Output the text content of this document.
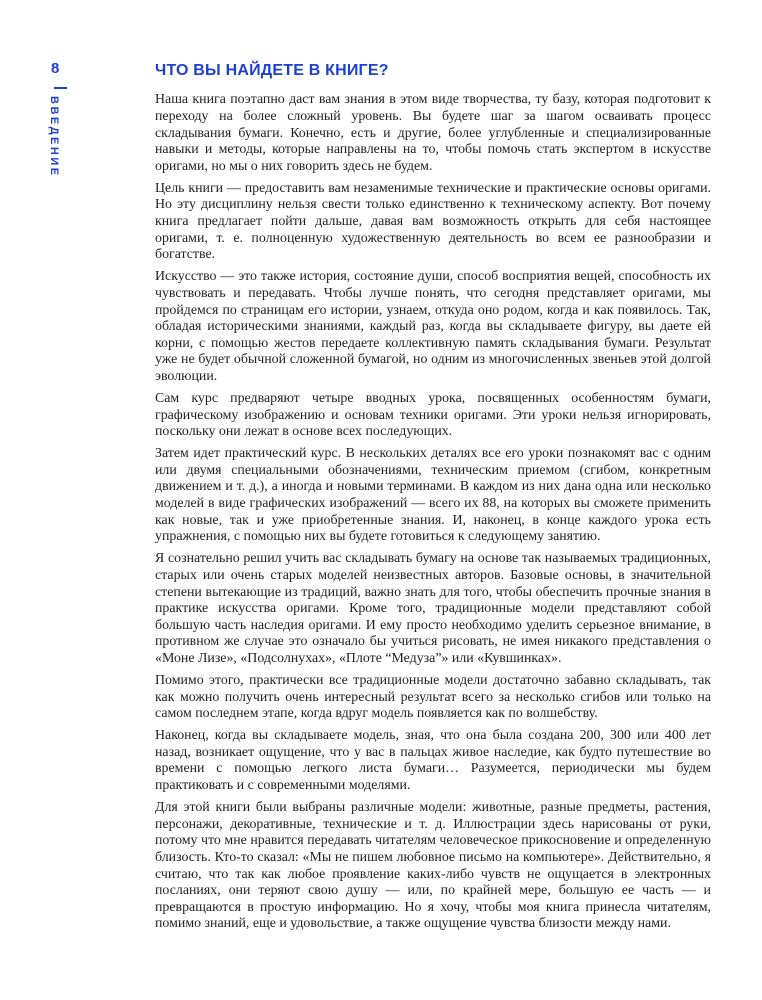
8
ВВЕДЕНИЕ
ЧТО ВЫ НАЙДЕТЕ В КНИГЕ?

Наша книга поэтапно даст вам знания в этом виде творчества, ту базу, которая подготовит к переходу на более сложный уровень. Вы будете шаг за шагом осваивать процесс складывания бумаги. Конечно, есть и другие, более углубленные и специализированные навыки и методы, которые направлены на то, чтобы помочь стать экспертом в искусстве оригами, но мы о них говорить здесь не будем.

Цель книги — предоставить вам незаменимые технические и практические основы оригами. Но эту дисциплину нельзя свести только единственно к техническому аспекту. Вот почему книга предлагает пойти дальше, давая вам возможность открыть для себя настоящее оригами, т. е. полноценную художественную деятельность во всем ее разнообразии и богатстве.

Искусство — это также история, состояние души, способ восприятия вещей, способность их чувствовать и передавать. Чтобы лучше понять, что сегодня представляет оригами, мы пройдемся по страницам его истории, узнаем, откуда оно родом, когда и как появилось. Так, обладая историческими знаниями, каждый раз, когда вы складываете фигуру, вы даете ей корни, с помощью жестов передаете коллективную память складывания бумаги. Результат уже не будет обычной сложенной бумагой, но одним из многочисленных звеньев этой долгой эволюции.

Сам курс предваряют четыре вводных урока, посвященных особенностям бумаги, графическому изображению и основам техники оригами. Эти уроки нельзя игнорировать, поскольку они лежат в основе всех последующих.

Затем идет практический курс. В нескольких деталях все его уроки познакомят вас с одним или двумя специальными обозначениями, техническим приемом (сгибом, конкретным движением и т. д.), а иногда и новыми терминами. В каждом из них дана одна или несколько моделей в виде графических изображений — всего их 88, на которых вы сможете применить как новые, так и уже приобретенные знания. И, наконец, в конце каждого урока есть упражнения, с помощью них вы будете готовиться к следующему занятию.

Я сознательно решил учить вас складывать бумагу на основе так называемых традиционных, старых или очень старых моделей неизвестных авторов. Базовые основы, в значительной степени вытекающие из традиций, важно знать для того, чтобы обеспечить прочные знания в практике искусства оригами. Кроме того, традиционные модели представляют собой большую часть наследия оригами. И ему просто необходимо уделить серьезное внимание, в противном же случае это означало бы учиться рисовать, не имея никакого представления о «Моне Лизе», «Подсолнухах», «Плоте “Медуза”» или «Кувшинках».

Помимо этого, практически все традиционные модели достаточно забавно складывать, так как можно получить очень интересный результат всего за несколько сгибов или только на самом последнем этапе, когда вдруг модель появляется как по волшебству.

Наконец, когда вы складываете модель, зная, что она была создана 200, 300 или 400 лет назад, возникает ощущение, что у вас в пальцах живое наследие, как будто путешествие во времени с помощью легкого листа бумаги… Разумеется, периодически мы будем практиковать и с современными моделями.

Для этой книги были выбраны различные модели: животные, разные предметы, растения, персонажи, декоративные, технические и т. д. Иллюстрации здесь нарисованы от руки, потому что мне нравится передавать читателям человеческое прикосновение и определенную близость. Кто-то сказал: «Мы не пишем любовное письмо на компьютере». Действительно, я считаю, что так как любое проявление каких-либо чувств не ощущается в электронных посланиях, они теряют свою душу — или, по крайней мере, большую ее часть — и превращаются в простую информацию. Но я хочу, чтобы моя книга принесла читателям, помимо знаний, еще и удовольствие, а также ощущение чувства близости между нами.
